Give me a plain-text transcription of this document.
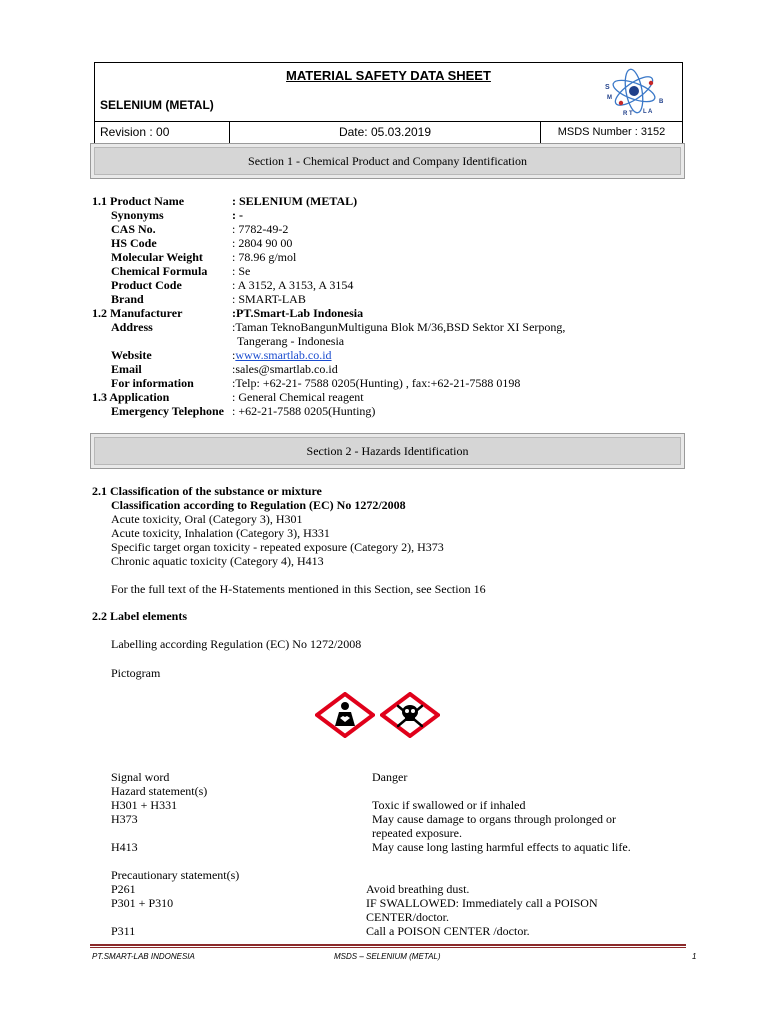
MATERIAL SAFETY DATA SHEET
SELENIUM (METAL)
S
M
R T L A
B
Revision : 00	Date: 05.03.2019	MSDS Number : 3152
Section 1 - Chemical Product and Company Identification
1.1 Product Name	: SELENIUM (METAL)
Synonyms	: -
CAS No.	: 7782-49-2
HS Code	: 2804 90 00
Molecular Weight : 78.96 g/mol
Chemical Formula : Se
Product Code	: A 3152, A 3153, A 3154
Brand	: SMART-LAB
1.2 Manufacturer	:PT.Smart-Lab Indonesia
Address	:Taman TeknoBangunMultiguna Blok M/36,BSD Sektor XI Serpong,
Tangerang - Indonesia
Website	:www.smartlab.co.id
Email	:sales@smartlab.co.id
For information	:Telp: +62-21- 7588 0205(Hunting) , fax:+62-21-7588 0198
1.3 Application	: General Chemical reagent
Emergency Telephone : +62-21-7588 0205(Hunting)
Section 2 - Hazards Identification
2.1 Classification of the substance or mixture
Classification according to Regulation (EC) No 1272/2008
Acute toxicity, Oral (Category 3), H301
Acute toxicity, Inhalation (Category 3), H331
Specific target organ toxicity - repeated exposure (Category 2), H373
Chronic aquatic toxicity (Category 4), H413
For the full text of the H-Statements mentioned in this Section, see Section 16
2.2 Label elements
Labelling according Regulation (EC) No 1272/2008
Pictogram
Signal word	Danger
Hazard statement(s)
H301 + H331	Toxic if swallowed or if inhaled
H373	May cause damage to organs through prolonged or
repeated exposure.
H413	May cause long lasting harmful effects to aquatic life.
Precautionary statement(s)
P261	Avoid breathing dust.
P301 + P310	IF SWALLOWED: Immediately call a POISON
CENTER/doctor.
P311	Call a POISON CENTER /doctor.
PT.SMART-LAB INDONESIA	MSDS – SELENIUM (METAL)	1
